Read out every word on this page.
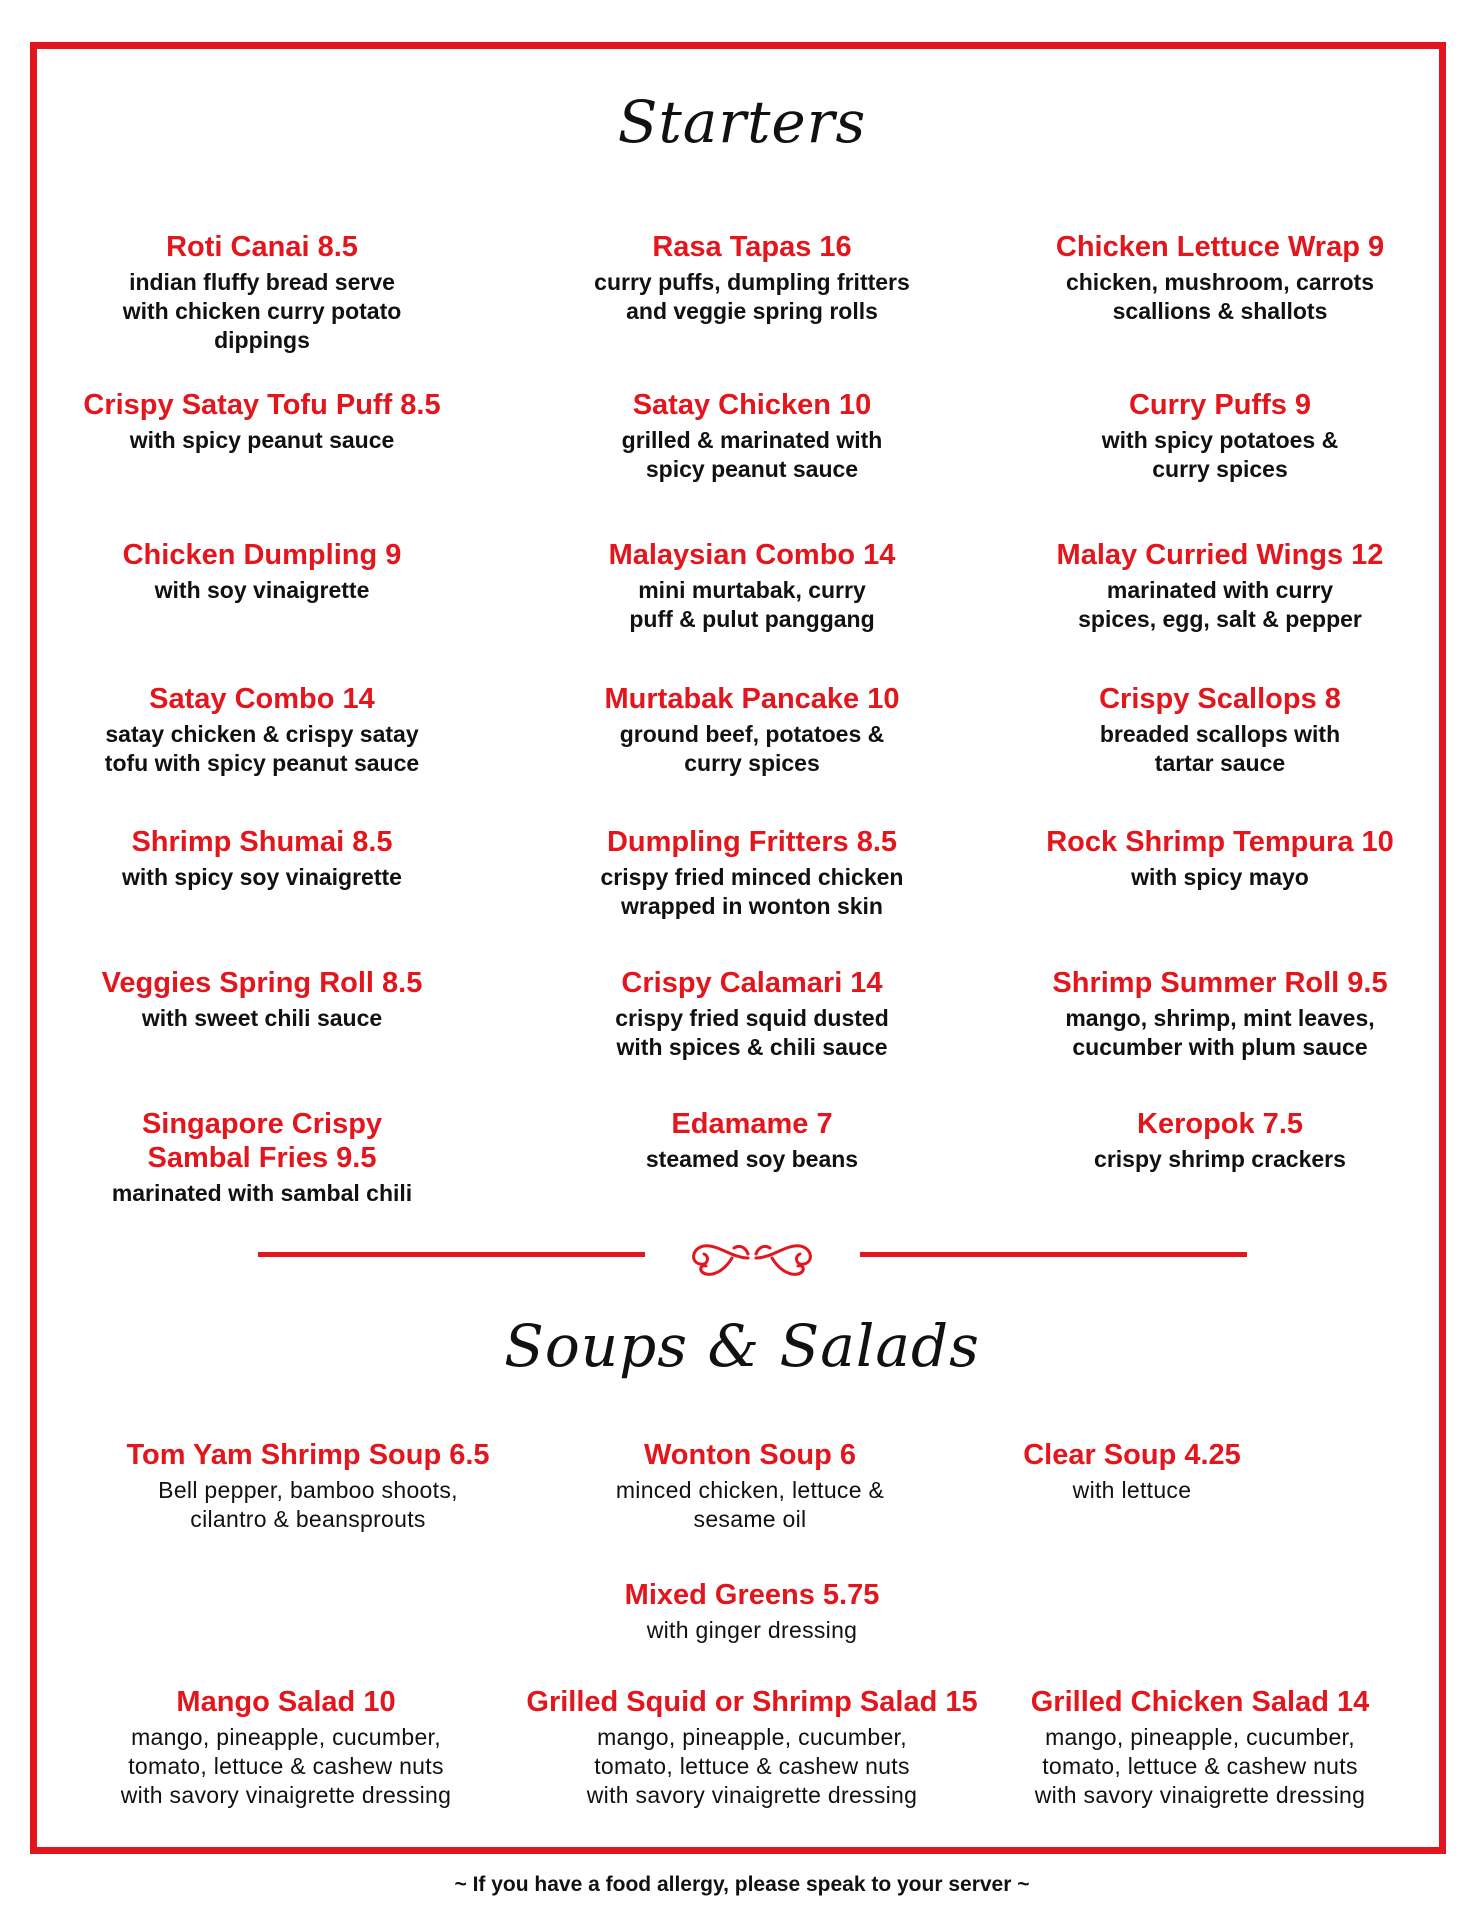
Starters
Roti Canai 8.5
indian fluffy bread serve
with chicken curry potato
dippings
Rasa Tapas 16
curry puffs, dumpling fritters
and veggie spring rolls
Chicken Lettuce Wrap 9
chicken, mushroom, carrots
scallions & shallots
Crispy Satay Tofu Puff 8.5
with spicy peanut sauce
Satay Chicken 10
grilled & marinated with
spicy peanut sauce
Curry Puffs 9
with spicy potatoes &
curry spices
Chicken Dumpling 9
with soy vinaigrette
Malaysian Combo 14
mini murtabak, curry
puff & pulut panggang
Malay Curried Wings 12
marinated with curry
spices, egg, salt & pepper
Satay Combo 14
satay chicken & crispy satay
tofu with spicy peanut sauce
Murtabak Pancake 10
ground beef, potatoes &
curry spices
Crispy Scallops 8
breaded scallops with
tartar sauce
Shrimp Shumai 8.5
with spicy soy vinaigrette
Dumpling Fritters 8.5
crispy fried minced chicken
wrapped in wonton skin
Rock Shrimp Tempura 10
with spicy mayo
Veggies Spring Roll 8.5
with sweet chili sauce
Crispy Calamari 14
crispy fried squid dusted
with spices & chili sauce
Shrimp Summer Roll 9.5
mango, shrimp, mint leaves,
cucumber with plum sauce
Singapore Crispy
Sambal Fries 9.5
marinated with sambal chili
Edamame 7
steamed soy beans
Keropok 7.5
crispy shrimp crackers
Soups & Salads
Tom Yam Shrimp Soup 6.5
Bell pepper, bamboo shoots,
cilantro & beansprouts
Wonton Soup 6
minced chicken, lettuce &
sesame oil
Clear Soup 4.25
with lettuce
Mixed Greens 5.75
with ginger dressing
Mango Salad 10
mango, pineapple, cucumber,
tomato, lettuce & cashew nuts
with savory vinaigrette dressing
Grilled Squid or Shrimp Salad 15
mango, pineapple, cucumber,
tomato, lettuce & cashew nuts
with savory vinaigrette dressing
Grilled Chicken Salad 14
mango, pineapple, cucumber,
tomato, lettuce & cashew nuts
with savory vinaigrette dressing
~ If you have a food allergy, please speak to your server ~
